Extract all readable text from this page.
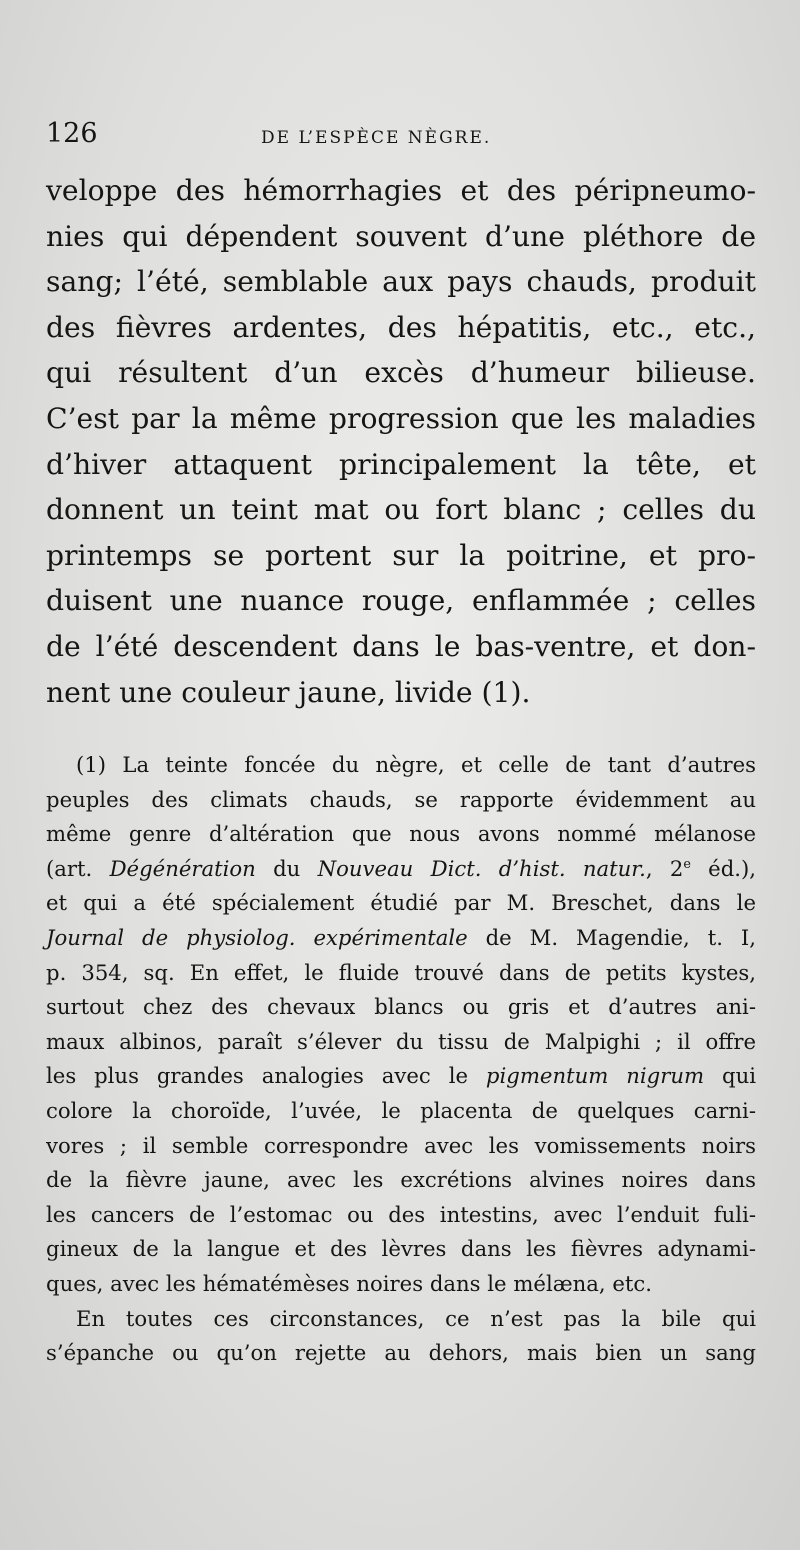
126	DE L’ESPÈCE NÈGRE.
veloppe des hémorrhagies et des péripneumo-
nies qui dépendent souvent d’une pléthore de
sang; l’été, semblable aux pays chauds, produit
des fièvres ardentes, des hépatitis, etc., etc.,
qui résultent d’un excès d’humeur bilieuse.
C’est par la même progression que les maladies
d’hiver attaquent principalement la tête, et
donnent un teint mat ou fort blanc ; celles du
printemps se portent sur la poitrine, et pro-
duisent une nuance rouge, enflammée ; celles
de l’été descendent dans le bas-ventre, et don-
nent une couleur jaune, livide (1).
(1) La teinte foncée du nègre, et celle de tant d’autres
peuples des climats chauds, se rapporte évidemment au
même genre d’altération que nous avons nommé mélanose
(art. Dégénération du Nouveau Dict. d’hist. natur., 2e éd.),
et qui a été spécialement étudié par M. Breschet, dans le
Journal de physiolog. expérimentale de M. Magendie, t. I,
p. 354, sq. En effet, le fluide trouvé dans de petits kystes,
surtout chez des chevaux blancs ou gris et d’autres ani-
maux albinos, paraît s’élever du tissu de Malpighi ; il offre
les plus grandes analogies avec le pigmentum nigrum qui
colore la choroïde, l’uvée, le placenta de quelques carni-
vores ; il semble correspondre avec les vomissements noirs
de la fièvre jaune, avec les excrétions alvines noires dans
les cancers de l’estomac ou des intestins, avec l’enduit fuli-
gineux de la langue et des lèvres dans les fièvres adynami-
ques, avec les hématémèses noires dans le mélæna, etc.
En toutes ces circonstances, ce n’est pas la bile qui
s’épanche ou qu’on rejette au dehors, mais bien un sang
